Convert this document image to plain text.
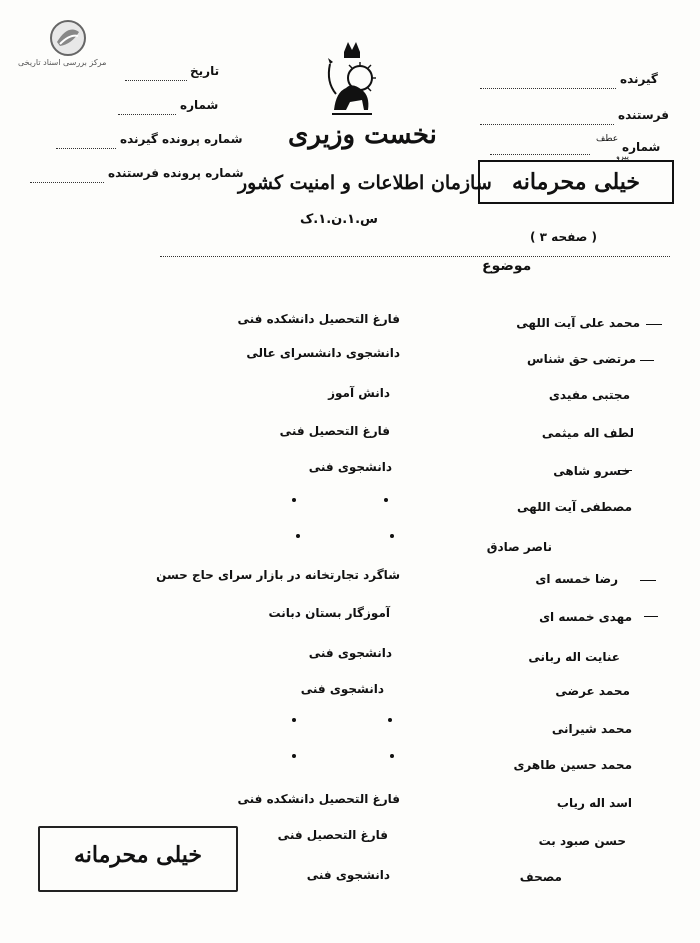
مرکز بررسی اسناد تاریخی
تاریخ
شماره
شماره پرونده گیرنده
شماره پرونده فرستنده
نخست وزیری
سازمان اطلاعات و امنیت کشور
س.۱.ن.۱.ک
گیرنده
فرستنده
شماره
عطف
پیرو
خیلی محرمانه
( صفحه ۳ )
موضوع
محمد علی آیت اللهی
فارغ التحصیل دانشکده فنی
مرتضی حق شناس
دانشجوی دانشسرای عالی
مجتبی مفیدی
دانش آموز
لطف اله میثمی
فارغ التحصیل فنی
خسرو شاهی
دانشجوی فنی
مصطفی آیت اللهی
ناصر صادق
رضا خمسه ای
شاگرد تجارتخانه در بازار سرای حاج حسن
مهدی خمسه ای
آموزگار بستان دبانت
عنایت اله ربانی
دانشجوی فنی
محمد عرضی
دانشجوی فنی
محمد شیرانی
محمد حسین طاهری
اسد اله ریاب
فارغ التحصیل دانشکده فنی
حسن صبود بت
فارغ التحصیل فنی
مصحف
دانشجوی فنی
خیلی محرمانه
